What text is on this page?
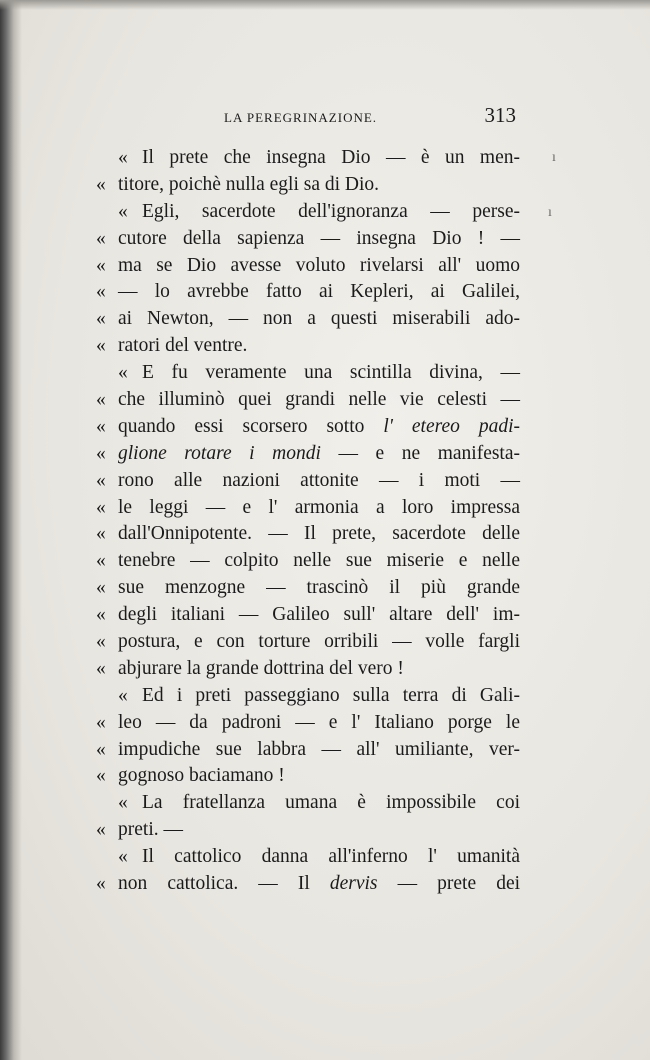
LA PEREGRINAZIONE.	313
« Il prete che insegna Dio — è un men-
« titore, poichè nulla egli sa di Dio.
« Egli, sacerdote dell'ignoranza — perse-
« cutore della sapienza — insegna Dio ! —
« ma se Dio avesse voluto rivelarsi all' uomo
« — lo avrebbe fatto ai Kepleri, ai Galilei,
« ai Newton, — non a questi miserabili ado-
« ratori del ventre.
« E fu veramente una scintilla divina, —
« che illuminò quei grandi nelle vie celesti —
« quando essi scorsero sotto l' etereo padi-
« glione rotare i mondi — e ne manifesta-
« rono alle nazioni attonite — i moti —
« le leggi — e l' armonia a loro impressa
« dall'Onnipotente. — Il prete, sacerdote delle
« tenebre — colpito nelle sue miserie e nelle
« sue menzogne — trascinò il più grande
« degli italiani — Galileo sull' altare dell' im-
« postura, e con torture orribili — volle fargli
« abjurare la grande dottrina del vero !
« Ed i preti passeggiano sulla terra di Gali-
« leo — da padroni — e l' Italiano porge le
« impudiche sue labbra — all' umiliante, ver-
« gognoso baciamano !
« La fratellanza umana è impossibile coi
« preti. —
« Il cattolico danna all'inferno l' umanità
« non cattolica. — Il dervis — prete dei
ı
ı
